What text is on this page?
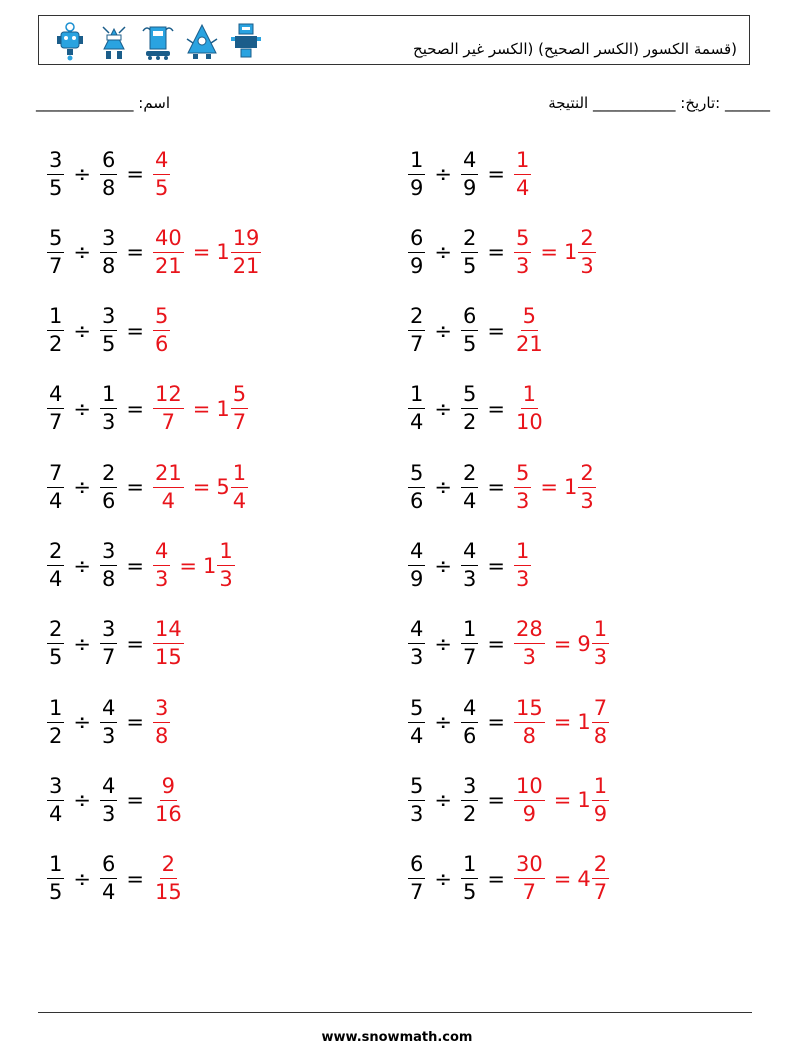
(قسمة الكسور (الكسر الصحيح) (الكسر غير الصحيح
______ :تاريخ: ___________ النتيجة
اسم: _____________
$\frac{3}{5} \div \frac{6}{8} = \frac{4}{5}$	$\frac{1}{9} \div \frac{4}{9} = \frac{1}{4}$
$\frac{5}{7} \div \frac{3}{8} = \frac{40}{21} = 1 \frac{19}{21}$	$\frac{6}{9} \div \frac{2}{5} = \frac{5}{3} = 1 \frac{2}{3}$
$\frac{1}{2} \div \frac{3}{5} = \frac{5}{6}$	$\frac{2}{7} \div \frac{6}{5} = \frac{5}{21}$
$\frac{4}{7} \div \frac{1}{3} = \frac{12}{7} = 1 \frac{5}{7}$	$\frac{1}{4} \div \frac{5}{2} = \frac{1}{10}$
$\frac{7}{4} \div \frac{2}{6} = \frac{21}{4} = 5 \frac{1}{4}$	$\frac{5}{6} \div \frac{2}{4} = \frac{5}{3} = 1 \frac{2}{3}$
$\frac{2}{4} \div \frac{3}{8} = \frac{4}{3} = 1 \frac{1}{3}$	$\frac{4}{9} \div \frac{4}{3} = \frac{1}{3}$
$\frac{2}{5} \div \frac{3}{7} = \frac{14}{15}$	$\frac{4}{3} \div \frac{1}{7} = \frac{28}{3} = 9 \frac{1}{3}$
$\frac{1}{2} \div \frac{4}{3} = \frac{3}{8}$	$\frac{5}{4} \div \frac{4}{6} = \frac{15}{8} = 1 \frac{7}{8}$
$\frac{3}{4} \div \frac{4}{3} = \frac{9}{16}$	$\frac{5}{3} \div \frac{3}{2} = \frac{10}{9} = 1 \frac{1}{9}$
$\frac{1}{5} \div \frac{6}{4} = \frac{2}{15}$	$\frac{6}{7} \div \frac{1}{5} = \frac{30}{7} = 4 \frac{2}{7}$
www.snowmath.com
